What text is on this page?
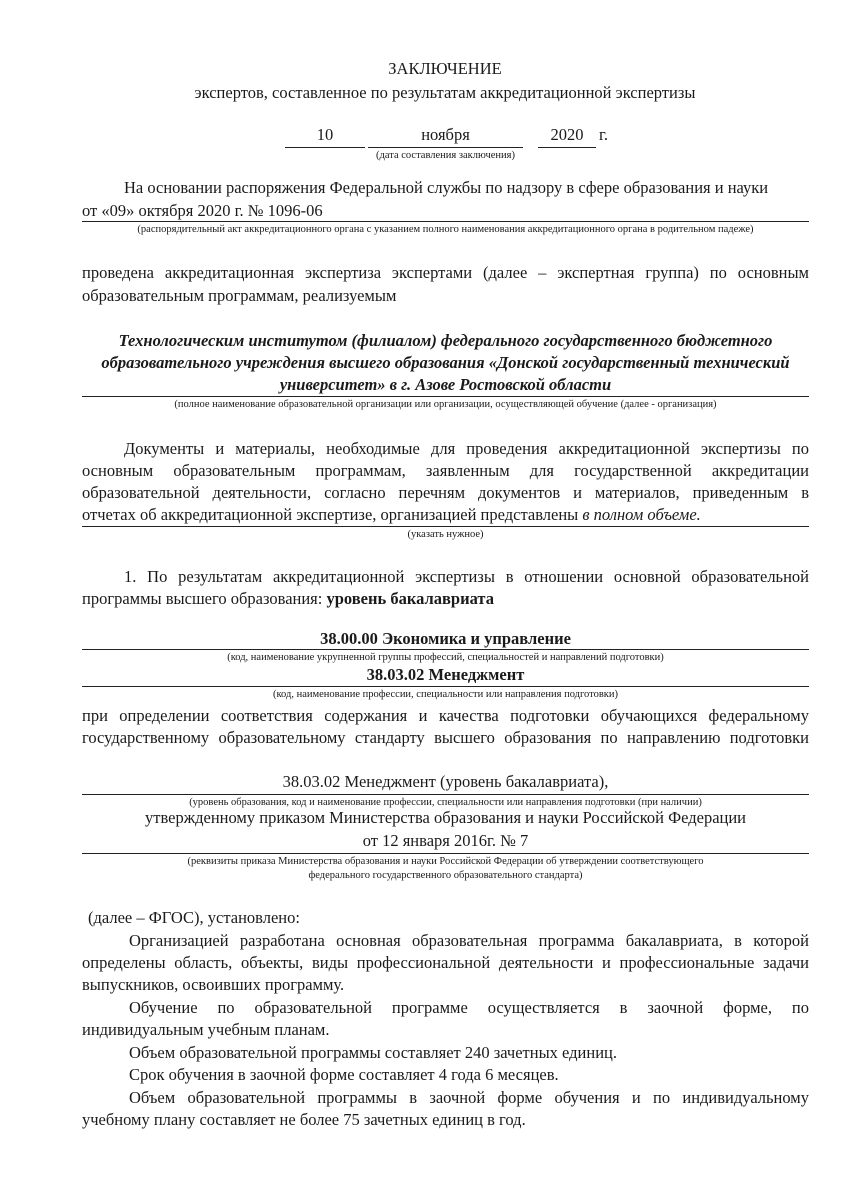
ЗАКЛЮЧЕНИЕ
экспертов, составленное по результатам аккредитационной экспертизы
10	ноября	2020 г.
(дата составления заключения)
На основании распоряжения Федеральной службы по надзору в сфере образования и науки
от «09» октября 2020 г. № 1096-06
(распорядительный акт аккредитационного органа с указанием полного наименования аккредитационного органа в родительном падеже)
проведена аккредитационная экспертиза экспертами (далее – экспертная группа) по основным
образовательным программам, реализуемым
Технологическим институтом (филиалом) федерального государственного бюджетного
образовательного учреждения высшего образования «Донской государственный технический
университет» в г. Азове Ростовской области
(полное наименование образовательной организации или организации, осуществляющей обучение (далее - организация)
Документы и материалы, необходимые для проведения аккредитационной экспертизы по
основным образовательным программам, заявленным для государственной аккредитации
образовательной деятельности, согласно перечням документов и материалов, приведенным в
отчетах об аккредитационной экспертизе, организацией представлены в полном объеме.
(указать нужное)
1. По результатам аккредитационной экспертизы в отношении основной образовательной
программы высшего образования: уровень бакалавриата
38.00.00 Экономика и управление
(код, наименование укрупненной группы профессий, специальностей и направлений подготовки)
38.03.02 Менеджмент
(код, наименование профессии, специальности или направления подготовки)
при определении соответствия содержания и качества подготовки обучающихся федеральному
государственному образовательному стандарту высшего образования по направлению подготовки
38.03.02 Менеджмент (уровень бакалавриата),
(уровень образования, код и наименование профессии, специальности или направления подготовки (при наличии)
утвержденному приказом Министерства образования и науки Российской Федерации
от 12 января 2016г. № 7
(реквизиты приказа Министерства образования и науки Российской Федерации об утверждении соответствующего
федерального государственного образовательного стандарта)
(далее – ФГОС), установлено:
Организацией разработана основная образовательная программа бакалавриата, в которой
определены область, объекты, виды профессиональной деятельности и профессиональные задачи
выпускников, освоивших программу.
Обучение по образовательной программе осуществляется в заочной форме, по
индивидуальным учебным планам.
Объем образовательной программы составляет 240 зачетных единиц.
Срок обучения в заочной форме составляет 4 года 6 месяцев.
Объем образовательной программы в заочной форме обучения и по индивидуальному
учебному плану составляет не более 75 зачетных единиц в год.
